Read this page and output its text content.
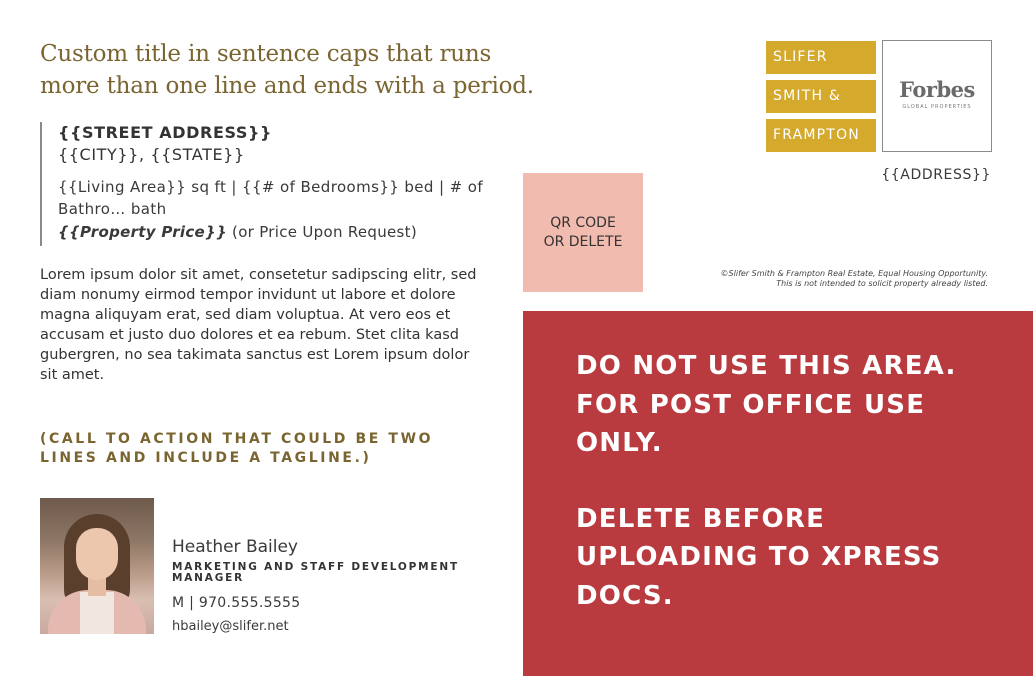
Custom title in sentence caps that runs more than one line and ends with a period.
{{STREET ADDRESS}}
{{CITY}}, {{STATE}}
{{Living Area}} sq ft | {{# of Bedrooms}} bed | # of Bathro… bath
{{Property Price}} (or Price Upon Request)
Lorem ipsum dolor sit amet, consetetur sadipscing elitr, sed diam nonumy eirmod tempor invidunt ut labore et dolore magna aliquyam erat, sed diam voluptua. At vero eos et accusam et justo duo dolores et ea rebum. Stet clita kasd gubergren, no sea takimata sanctus est Lorem ipsum dolor sit amet.
(CALL TO ACTION THAT COULD BE TWO LINES AND INCLUDE A TAGLINE.)
Heather Bailey
MARKETING AND STAFF DEVELOPMENT MANAGER
M | 970.555.5555
hbailey@slifer.net
QR CODE
OR DELETE
SLIFER
SMITH &
FRAMPTON
Forbes
GLOBAL PROPERTIES
{{ADDRESS}}
©Slifer Smith & Frampton Real Estate, Equal Housing Opportunity.
This is not intended to solicit property already listed.
DO NOT USE THIS AREA.
FOR POST OFFICE USE
ONLY.
DELETE BEFORE
UPLOADING TO XPRESS
DOCS.
